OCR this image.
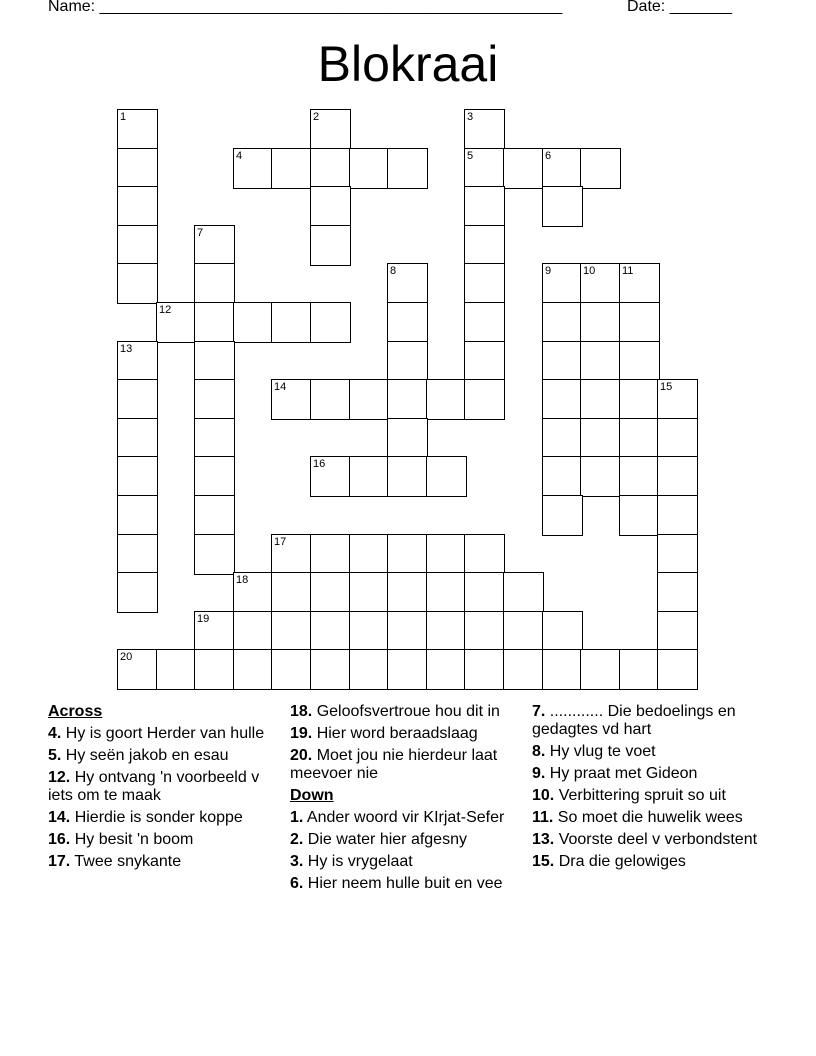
Name: ____________________________________________________	Date: _______
Blokraai
1	2	3
4	5	6
7
8	9	10 11
12
13
14	15
16
17
18
19
20
Across
4. Hy is goort Herder van hulle
5. Hy seën jakob en esau
12. Hy ontvang 'n voorbeeld v iets om te maak
14. Hierdie is sonder koppe
16. Hy besit 'n boom
17. Twee snykante
18. Geloofsvertroue hou dit in
19. Hier word beraadslaag
20. Moet jou nie hierdeur laat meevoer nie
Down
1. Ander woord vir KIrjat-Sefer
2. Die water hier afgesny
3. Hy is vrygelaat
6. Hier neem hulle buit en vee
7. ............ Die bedoelings en gedagtes vd hart
8. Hy vlug te voet
9. Hy praat met Gideon
10. Verbittering spruit so uit
11. So moet die huwelik wees
13. Voorste deel v verbondstent
15. Dra die gelowiges
